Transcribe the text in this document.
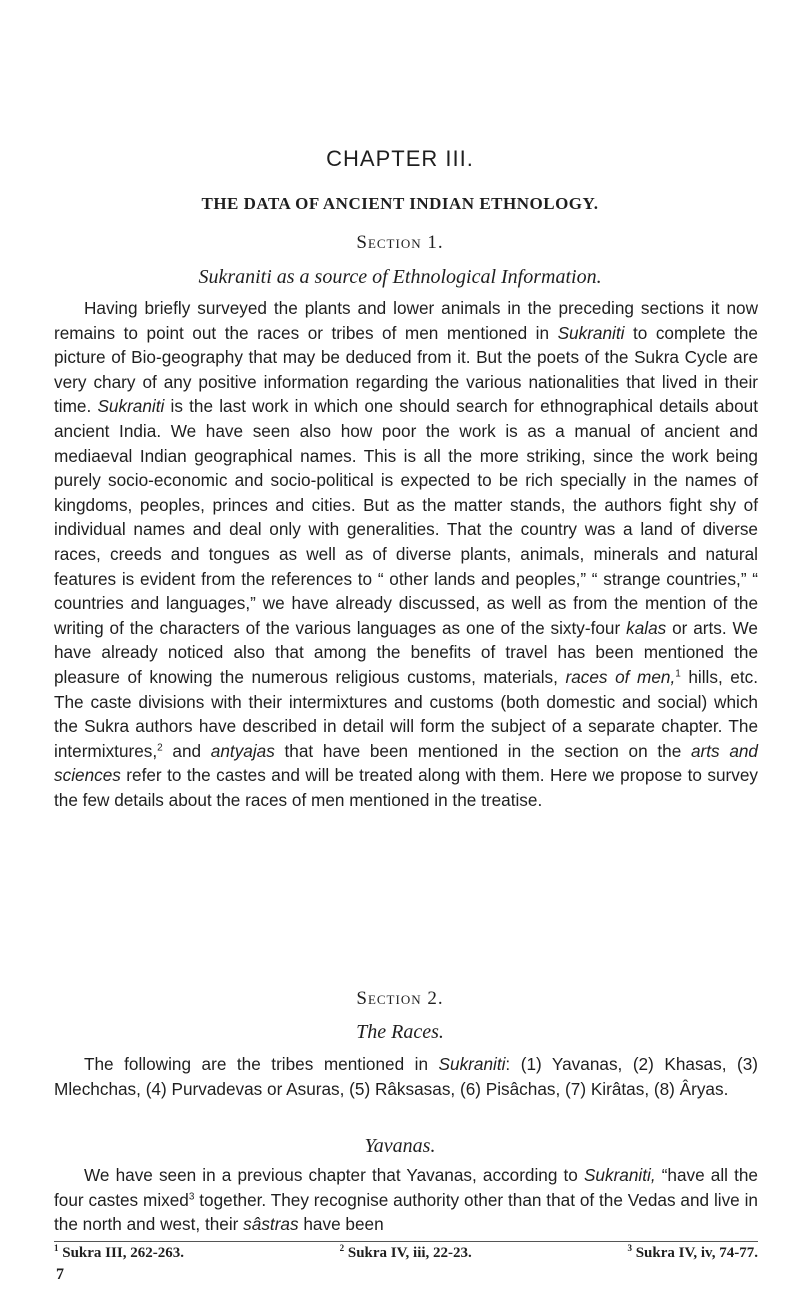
CHAPTER III.
THE DATA OF ANCIENT INDIAN ETHNOLOGY.
Section 1.
Sukraniti as a source of Ethnological Information.

Having briefly surveyed the plants and lower animals in the preceding sections it now remains to point out the races or tribes of men mentioned in Sukraniti to complete the picture of Bio-geography that may be deduced from it. But the poets of the Sukra Cycle are very chary of any positive information regarding the various nationalities that lived in their time. Sukraniti is the last work in which one should search for ethnographical details about ancient India. We have seen also how poor the work is as a manual of ancient and mediaeval Indian geographical names. This is all the more striking, since the work being purely socio-economic and socio-political is expected to be rich specially in the names of kingdoms, peoples, princes and cities. But as the matter stands, the authors fight shy of individual names and deal only with generalities. That the country was a land of diverse races, creeds and tongues as well as of diverse plants, animals, minerals and natural features is evident from the references to “ other lands and peoples,” “ strange countries,” “ countries and languages,” we have already discussed, as well as from the mention of the writing of the characters of the various languages as one of the sixty-four kalas or arts. We have already noticed also that among the benefits of travel has been mentioned the pleasure of knowing the numerous religious customs, materials, races of men,$^1$ hills, etc. The caste divisions with their intermixtures and customs (both domestic and social) which the Sukra authors have described in detail will form the subject of a separate chapter. The intermixtures,$^2$ and antyajas that have been mentioned in the section on the arts and sciences refer to the castes and will be treated along with them. Here we propose to survey the few details about the races of men mentioned in the treatise.

Section 2.
The Races.

The following are the tribes mentioned in Sukraniti: (1) Yavanas, (2) Khasas, (3) Mlechchas, (4) Purvadevas or Asuras, (5) Râksasas, (6) Pisâchas, (7) Kirâtas, (8) Âryas.

Yavanas.

We have seen in a previous chapter that Yavanas, according to Sukraniti, “have all the four castes mixed$^3$ together. They recognise authority other than that of the Vedas and live in the north and west, their sâstras have been

$^1$ Sukra III, 262-263.	$^2$ Sukra IV, iii, 22-23.	$^3$ Sukra IV, iv, 74-77.
7
